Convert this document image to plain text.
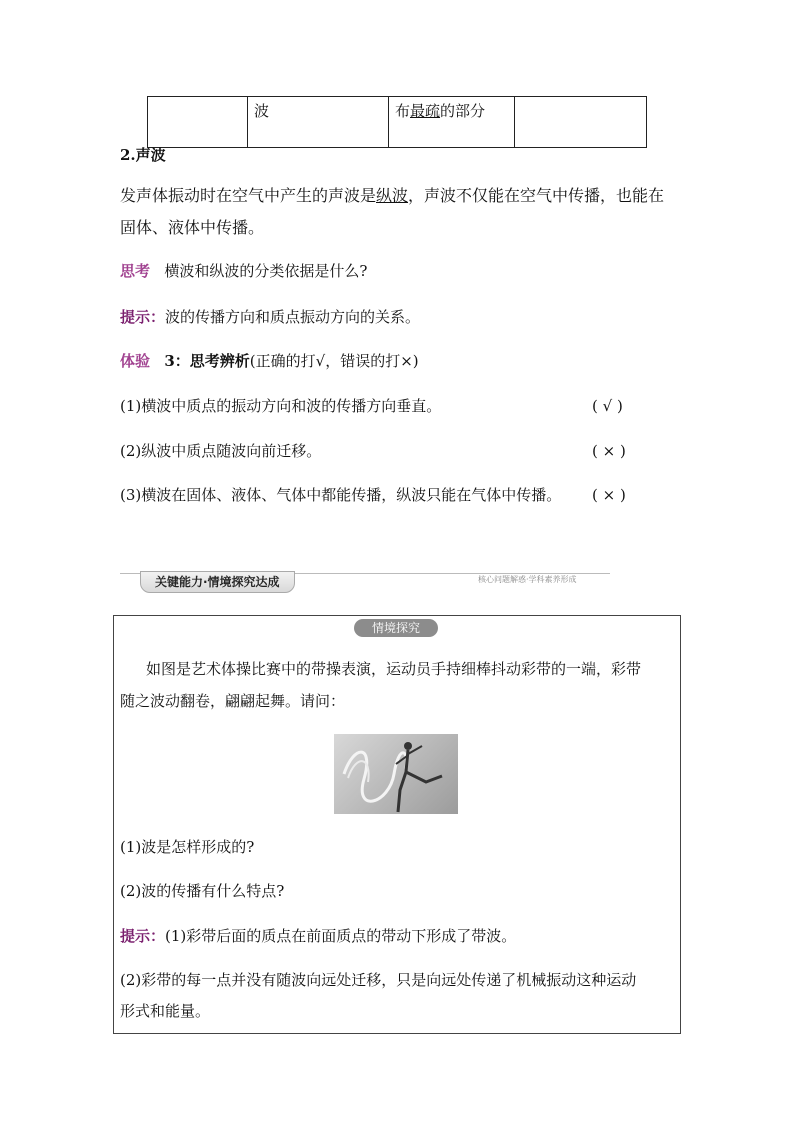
	波	布最疏的部分	
2.声波
发声体振动时在空气中产生的声波是纵波，声波不仅能在空气中传播，也能在
固体、液体中传播。
思考 横波和纵波的分类依据是什么?
提示：波的传播方向和质点振动方向的关系。
体验 3：思考辨析(正确的打√，错误的打×)
(1)横波中质点的振动方向和波的传播方向垂直。	( √ )
(2)纵波中质点随波向前迁移。	( × )
(3)横波在固体、液体、气体中都能传播，纵波只能在气体中传播。 ( × )
关键能力·情境探究达成	核心问题解惑·学科素养形成
情境探究
如图是艺术体操比赛中的带操表演，运动员手持细棒抖动彩带的一端，彩带
随之波动翻卷，翩翩起舞。请问：
(1)波是怎样形成的?
(2)波的传播有什么特点?
提示：(1)彩带后面的质点在前面质点的带动下形成了带波。
(2)彩带的每一点并没有随波向远处迁移，只是向远处传递了机械振动这种运动
形式和能量。
